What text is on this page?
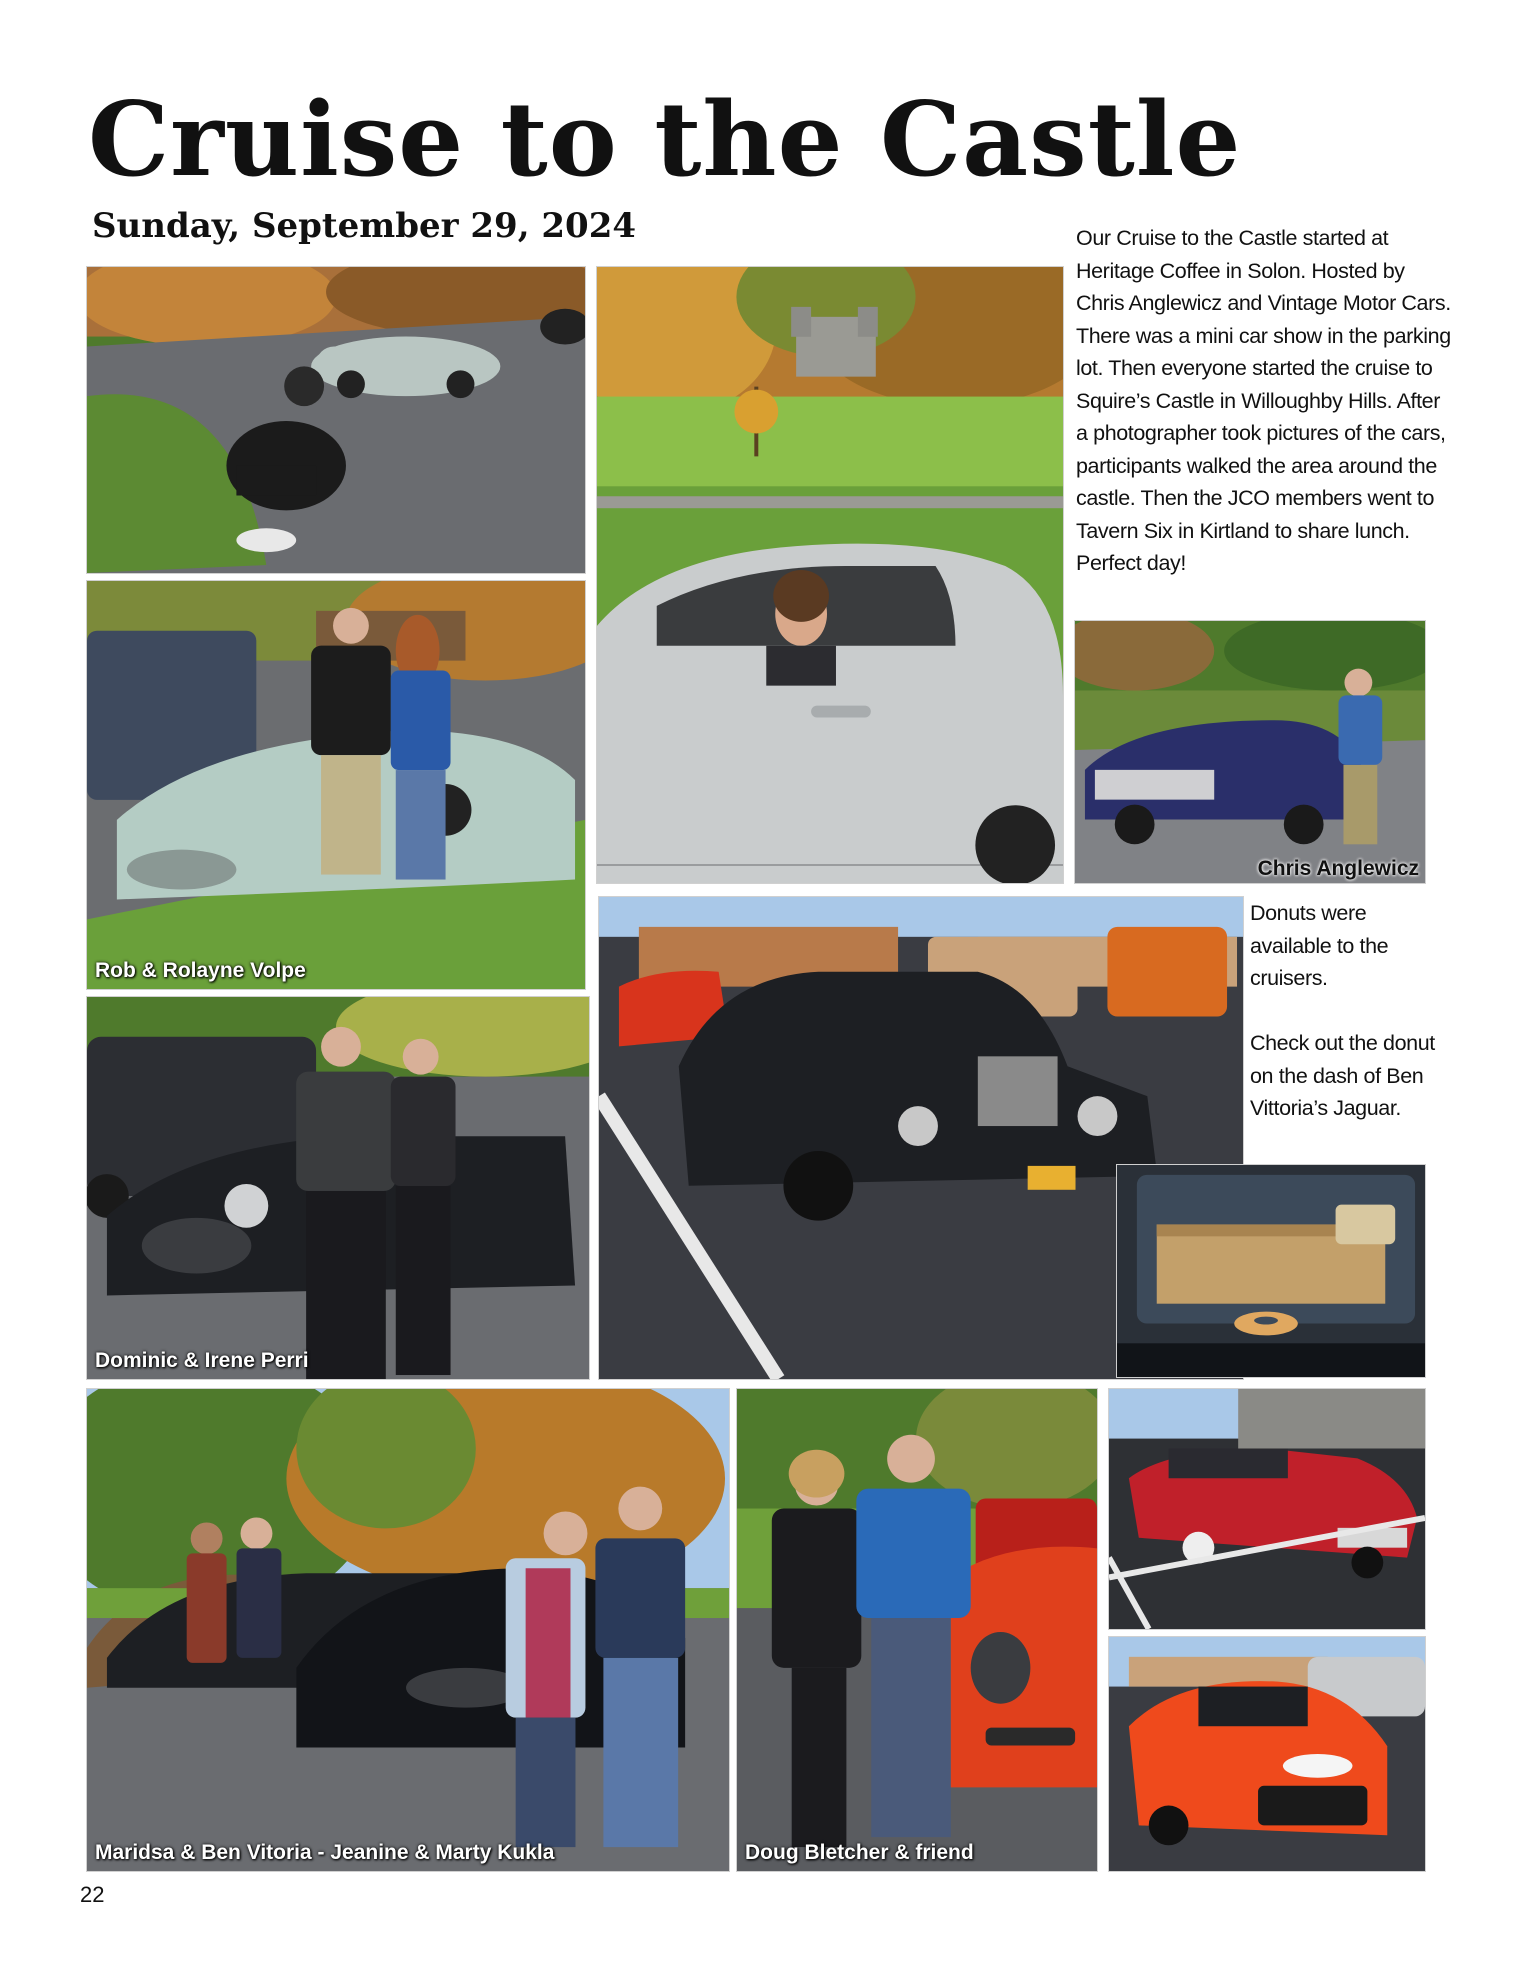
Cruise to the Castle
Sunday, September 29, 2024
Rob & Rolayne Volpe
Chris Anglewicz

Our Cruise to the Castle started at Heritage Coffee in Solon. Hosted by Chris Anglewicz and Vintage Motor Cars. There was a mini car show in the parking lot. Then everyone started the cruise to Squire’s Castle in Willoughby Hills. After a photographer took pictures of the cars, participants walked the area around the castle. Then the JCO members went to Tavern Six in Kirtland to share lunch. Perfect day!

Dominic & Irene Perri

Donuts were available to the cruisers.

Check out the donut on the dash of Ben Vittoria’s Jaguar.

Maridsa & Ben Vitoria - Jeanine & Marty Kukla	Doug Bletcher & friend
22
